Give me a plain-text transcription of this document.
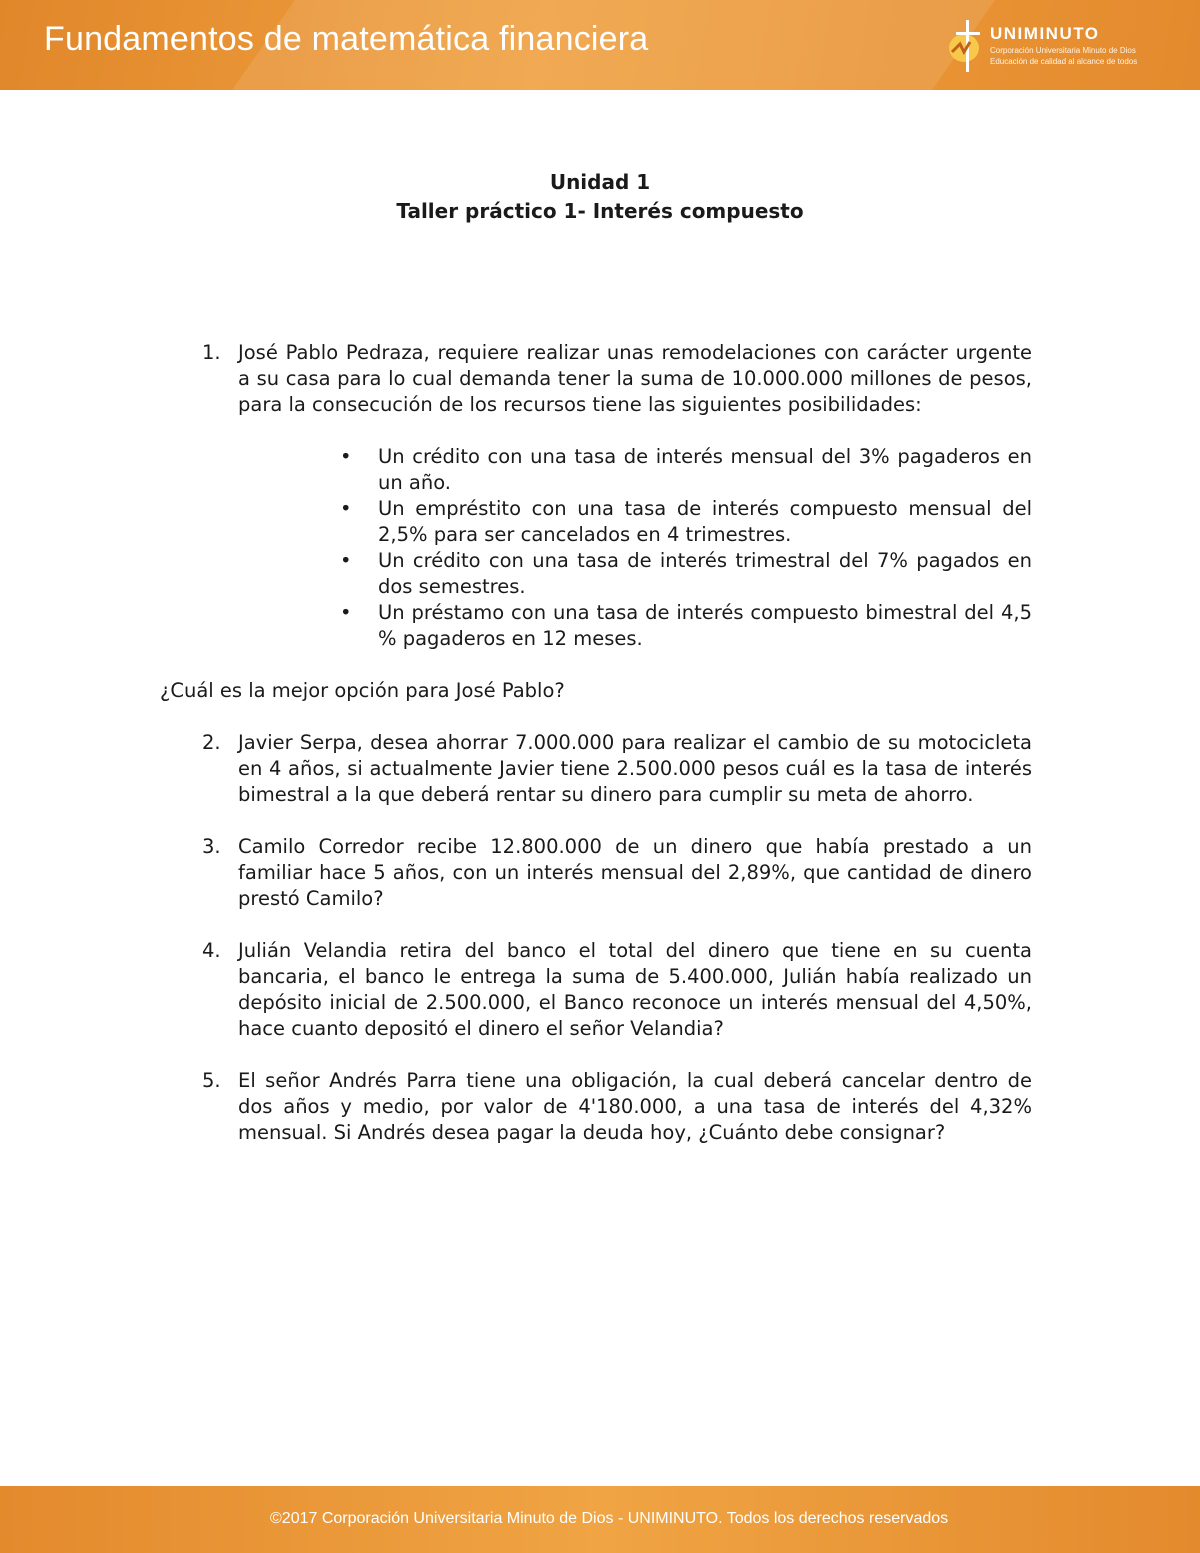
Fundamentos de matemática financiera	UNIMINUTO
Corporación Universitaria Minuto de Dios
Educación de calidad al alcance de todos
Unidad 1
Taller práctico 1- Interés compuesto
1. José Pablo Pedraza, requiere realizar unas remodelaciones con carácter urgente a su casa para lo cual demanda tener la suma de 10.000.000 millones de pesos, para la consecución de los recursos tiene las siguientes posibilidades:
• Un crédito con una tasa de interés mensual del 3% pagaderos en un año.
• Un empréstito con una tasa de interés compuesto mensual del 2,5% para ser cancelados en 4 trimestres.
• Un crédito con una tasa de interés trimestral del 7% pagados en dos semestres.
• Un préstamo con una tasa de interés compuesto bimestral del 4,5 % pagaderos en 12 meses.
¿Cuál es la mejor opción para José Pablo?
2. Javier Serpa, desea ahorrar 7.000.000 para realizar el cambio de su motocicleta en 4 años, si actualmente Javier tiene 2.500.000 pesos cuál es la tasa de interés bimestral a la que deberá rentar su dinero para cumplir su meta de ahorro.
3. Camilo Corredor recibe 12.800.000 de un dinero que había prestado a un familiar hace 5 años, con un interés mensual del 2,89%, que cantidad de dinero prestó Camilo?
4. Julián Velandia retira del banco el total del dinero que tiene en su cuenta bancaria, el banco le entrega la suma de 5.400.000, Julián había realizado un depósito inicial de 2.500.000, el Banco reconoce un interés mensual del 4,50%, hace cuanto depositó el dinero el señor Velandia?
5. El señor Andrés Parra tiene una obligación, la cual deberá cancelar dentro de dos años y medio, por valor de 4'180.000, a una tasa de interés del 4,32% mensual. Si Andrés desea pagar la deuda hoy, ¿Cuánto debe consignar?
©2017 Corporación Universitaria Minuto de Dios - UNIMINUTO. Todos los derechos reservados
